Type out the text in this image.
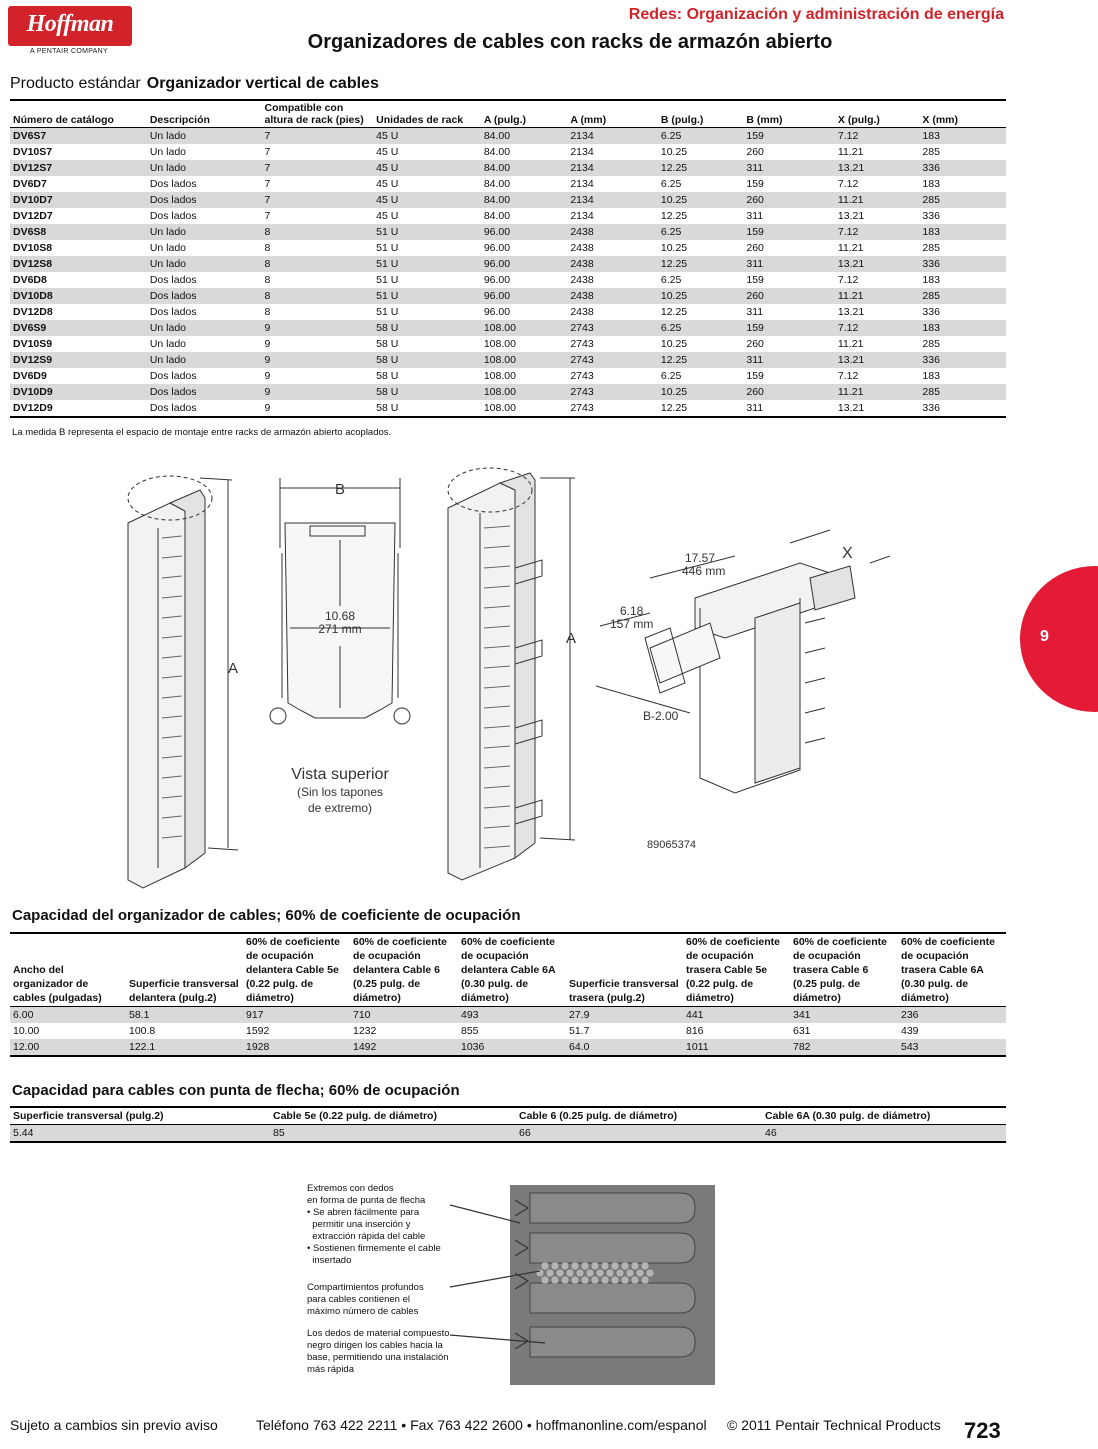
Hoffman
A PENTAIR COMPANY
Redes: Organización y administración de energía
Organizadores de cables con racks de armazón abierto
Producto estándar Organizador vertical de cables
Número de catálogo	Descripción	Compatible con altura de rack (pies)	Unidades de rack	A (pulg.)	A (mm)	B (pulg.)	B (mm)	X (pulg.)	X (mm)
DV6S7	Un lado	7	45 U	84.00	2134	6.25	159	7.12	183
DV10S7	Un lado	7	45 U	84.00	2134	10.25	260	11.21	285
DV12S7	Un lado	7	45 U	84.00	2134	12.25	311	13.21	336
DV6D7	Dos lados	7	45 U	84.00	2134	6.25	159	7.12	183
DV10D7	Dos lados	7	45 U	84.00	2134	10.25	260	11.21	285
DV12D7	Dos lados	7	45 U	84.00	2134	12.25	311	13.21	336
DV6S8	Un lado	8	51 U	96.00	2438	6.25	159	7.12	183
DV10S8	Un lado	8	51 U	96.00	2438	10.25	260	11.21	285
DV12S8	Un lado	8	51 U	96.00	2438	12.25	311	13.21	336
DV6D8	Dos lados	8	51 U	96.00	2438	6.25	159	7.12	183
DV10D8	Dos lados	8	51 U	96.00	2438	10.25	260	11.21	285
DV12D8	Dos lados	8	51 U	96.00	2438	12.25	311	13.21	336
DV6S9	Un lado	9	58 U	108.00	2743	6.25	159	7.12	183
DV10S9	Un lado	9	58 U	108.00	2743	10.25	260	11.21	285
DV12S9	Un lado	9	58 U	108.00	2743	12.25	311	13.21	336
DV6D9	Dos lados	9	58 U	108.00	2743	6.25	159	7.12	183
DV10D9	Dos lados	9	58 U	108.00	2743	10.25	260	11.21	285
DV12D9	Dos lados	9	58 U	108.00	2743	12.25	311	13.21	336
La medida B representa el espacio de montaje entre racks de armazón abierto acoplados.
A
B
10.68
271 mm
Vista superior
(Sin los tapones
de extremo)
A
17.57
446 mm
X
6.18
157 mm
B-2.00
89065374
Capacidad del organizador de cables; 60% de coeficiente de ocupación
Ancho del organizador de cables (pulgadas)	Superficie transversal delantera (pulg.2)	60% de coeficiente de ocupación delantera Cable 5e (0.22 pulg. de diámetro)	60% de coeficiente de ocupación delantera Cable 6 (0.25 pulg. de diámetro)	60% de coeficiente de ocupación delantera Cable 6A (0.30 pulg. de diámetro)	Superficie transversal trasera (pulg.2)	60% de coeficiente de ocupación trasera Cable 5e (0.22 pulg. de diámetro)	60% de coeficiente de ocupación trasera Cable 6 (0.25 pulg. de diámetro)	60% de coeficiente de ocupación trasera Cable 6A (0.30 pulg. de diámetro)
6.00	58.1	917	710	493	27.9	441	341	236
10.00	100.8	1592	1232	855	51.7	816	631	439
12.00	122.1	1928	1492	1036	64.0	1011	782	543
Capacidad para cables con punta de flecha; 60% de ocupación
Superficie transversal (pulg.2)	Cable 5e (0.22 pulg. de diámetro)	Cable 6 (0.25 pulg. de diámetro)	Cable 6A (0.30 pulg. de diámetro)
5.44	85	66	46
Extremos con dedos
en forma de punta de flecha
• Se abren fácilmente para
permitir una inserción y
extracción rápida del cable
• Sostienen firmemente el cable
insertado
Compartimientos profundos
para cables contienen el
máximo número de cables
Los dedos de material compuesto
negro dirigen los cables hacia la
base, permitiendo una instalación
más rápida
9
Sujeto a cambios sin previo aviso	Teléfono 763 422 2211 • Fax 763 422 2600 • hoffmanonline.com/espanol © 2011 Pentair Technical Products 723
